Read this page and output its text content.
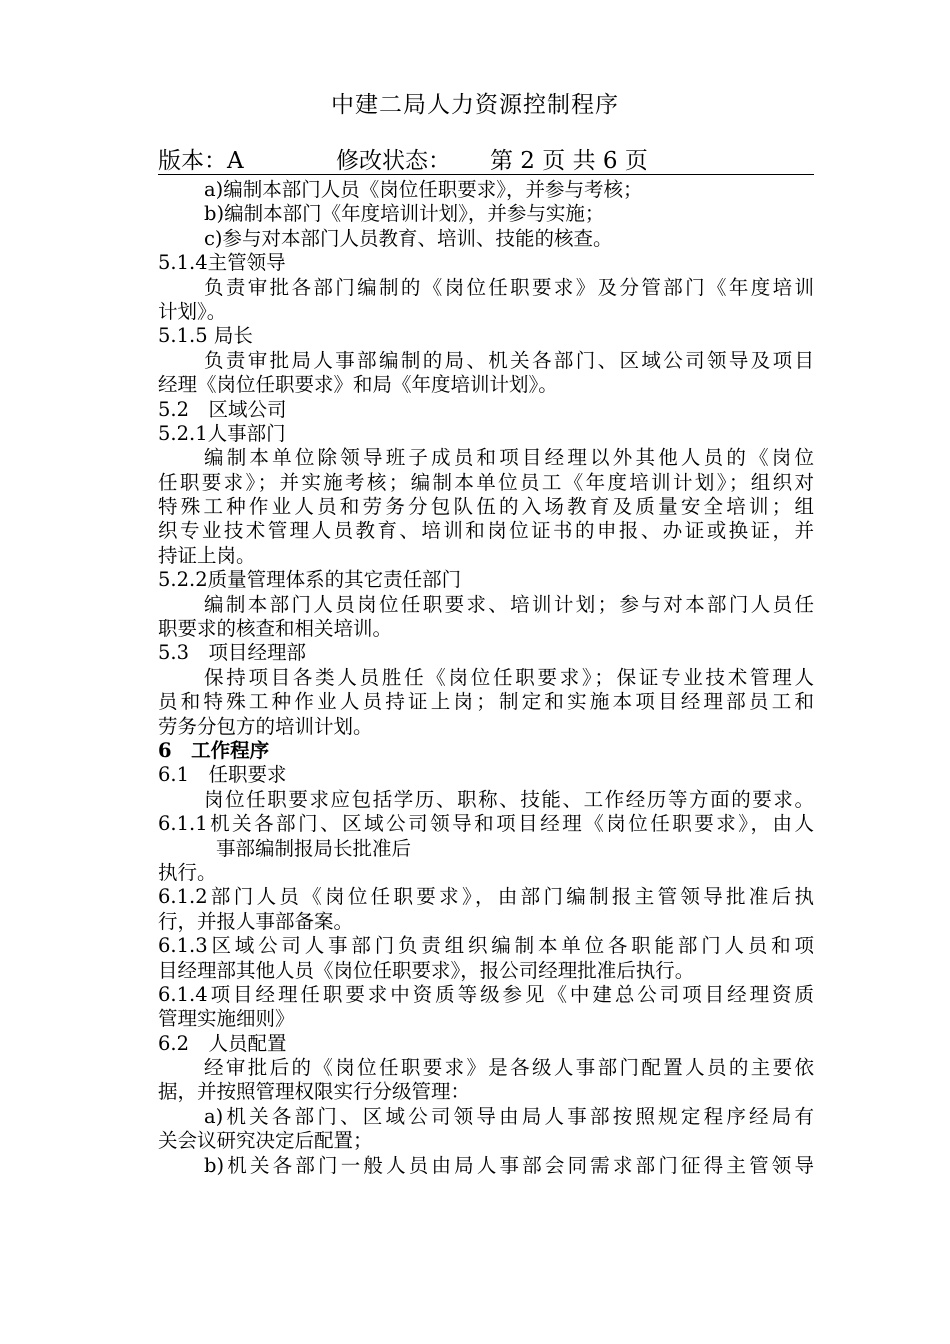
中建二局人力资源控制程序
版本：A	修改状态： 第 2 页 共 6 页
a)编制本部门人员《岗位任职要求》，并参与考核；
b)编制本部门《年度培训计划》，并参与实施；
c)参与对本部门人员教育、培训、技能的核查。
5.1.4主管领导
负责审批各部门编制的《岗位任职要求》及分管部门《年度培训
计划》。
5.1.5 局长
负责审批局人事部编制的局、机关各部门、区域公司领导及项目
经理《岗位任职要求》和局《年度培训计划》。
5.2　区域公司
5.2.1人事部门
编制本单位除领导班子成员和项目经理以外其他人员的《岗位
任职要求》；并实施考核；编制本单位员工《年度培训计划》；组织对
特殊工种作业人员和劳务分包队伍的入场教育及质量安全培训；组
织专业技术管理人员教育、培训和岗位证书的申报、办证或换证，并
持证上岗。
5.2.2质量管理体系的其它责任部门
编制本部门人员岗位任职要求、培训计划；参与对本部门人员任
职要求的核查和相关培训。
5.3　项目经理部
保持项目各类人员胜任《岗位任职要求》；保证专业技术管理人
员和特殊工种作业人员持证上岗；制定和实施本项目经理部员工和
劳务分包方的培训计划。
6　工作程序
6.1　任职要求
岗位任职要求应包括学历、职称、技能、工作经历等方面的要求。
6.1.1机关各部门、区域公司领导和项目经理《岗位任职要求》，由人
事部编制报局长批准后
执行。
6.1.2部门人员《岗位任职要求》，由部门编制报主管领导批准后执
行，并报人事部备案。
6.1.3区域公司人事部门负责组织编制本单位各职能部门人员和项
目经理部其他人员《岗位任职要求》，报公司经理批准后执行。
6.1.4项目经理任职要求中资质等级参见《中建总公司项目经理资质
管理实施细则》
6.2　人员配置
经审批后的《岗位任职要求》是各级人事部门配置人员的主要依
据，并按照管理权限实行分级管理：
a)机关各部门、区域公司领导由局人事部按照规定程序经局有
关会议研究决定后配置；
b)机关各部门一般人员由局人事部会同需求部门征得主管领导
